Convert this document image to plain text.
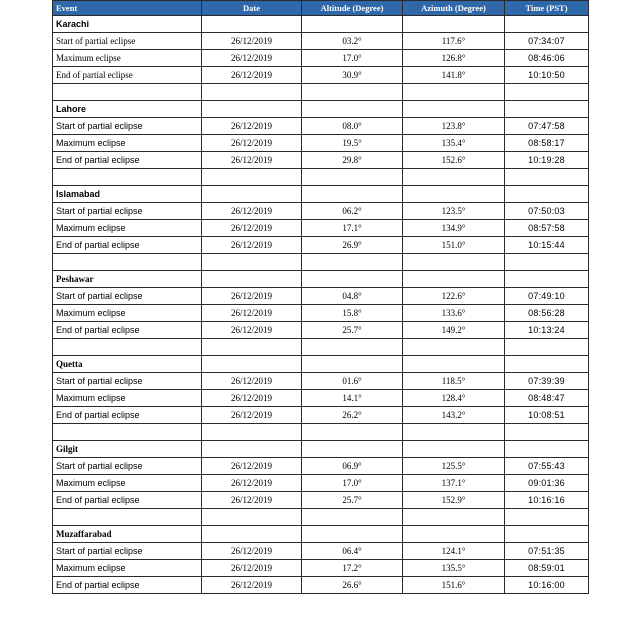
Event	Date	Altitude (Degree)	Azimuth (Degree)	Time (PST)
Karachi				
Start of partial eclipse	26/12/2019	03.2°	117.6°	07:34:07
Maximum eclipse	26/12/2019	17.0°	126.8°	08:46:06
End of partial eclipse	26/12/2019	30.9°	141.8°	10:10:50

Lahore				
Start of partial eclipse	26/12/2019	08.0°	123.8°	07:47:58
Maximum eclipse	26/12/2019	19.5°	135.4°	08:58:17
End of partial eclipse	26/12/2019	29.8°	152.6°	10:19:28

Islamabad				
Start of partial eclipse	26/12/2019	06.2°	123.5°	07:50:03
Maximum eclipse	26/12/2019	17.1°	134.9°	08:57:58
End of partial eclipse	26/12/2019	26.9°	151.0°	10:15:44

Peshawar				
Start of partial eclipse	26/12/2019	04.8°	122.6°	07:49:10
Maximum eclipse	26/12/2019	15.8°	133.6°	08:56:28
End of partial eclipse	26/12/2019	25.7°	149.2°	10:13:24

Quetta				
Start of partial eclipse	26/12/2019	01.6°	118.5°	07:39:39
Maximum eclipse	26/12/2019	14.1°	128.4°	08:48:47
End of partial eclipse	26/12/2019	26.2°	143.2°	10:08:51

Gilgit				
Start of partial eclipse	26/12/2019	06.9°	125.5°	07:55:43
Maximum eclipse	26/12/2019	17.0°	137.1°	09:01:36
End of partial eclipse	26/12/2019	25.7°	152.9°	10:16:16

Muzaffarabad				
Start of partial eclipse	26/12/2019	06.4°	124.1°	07:51:35
Maximum eclipse	26/12/2019	17.2°	135.5°	08:59:01
End of partial eclipse	26/12/2019	26.6°	151.6°	10:16:00
